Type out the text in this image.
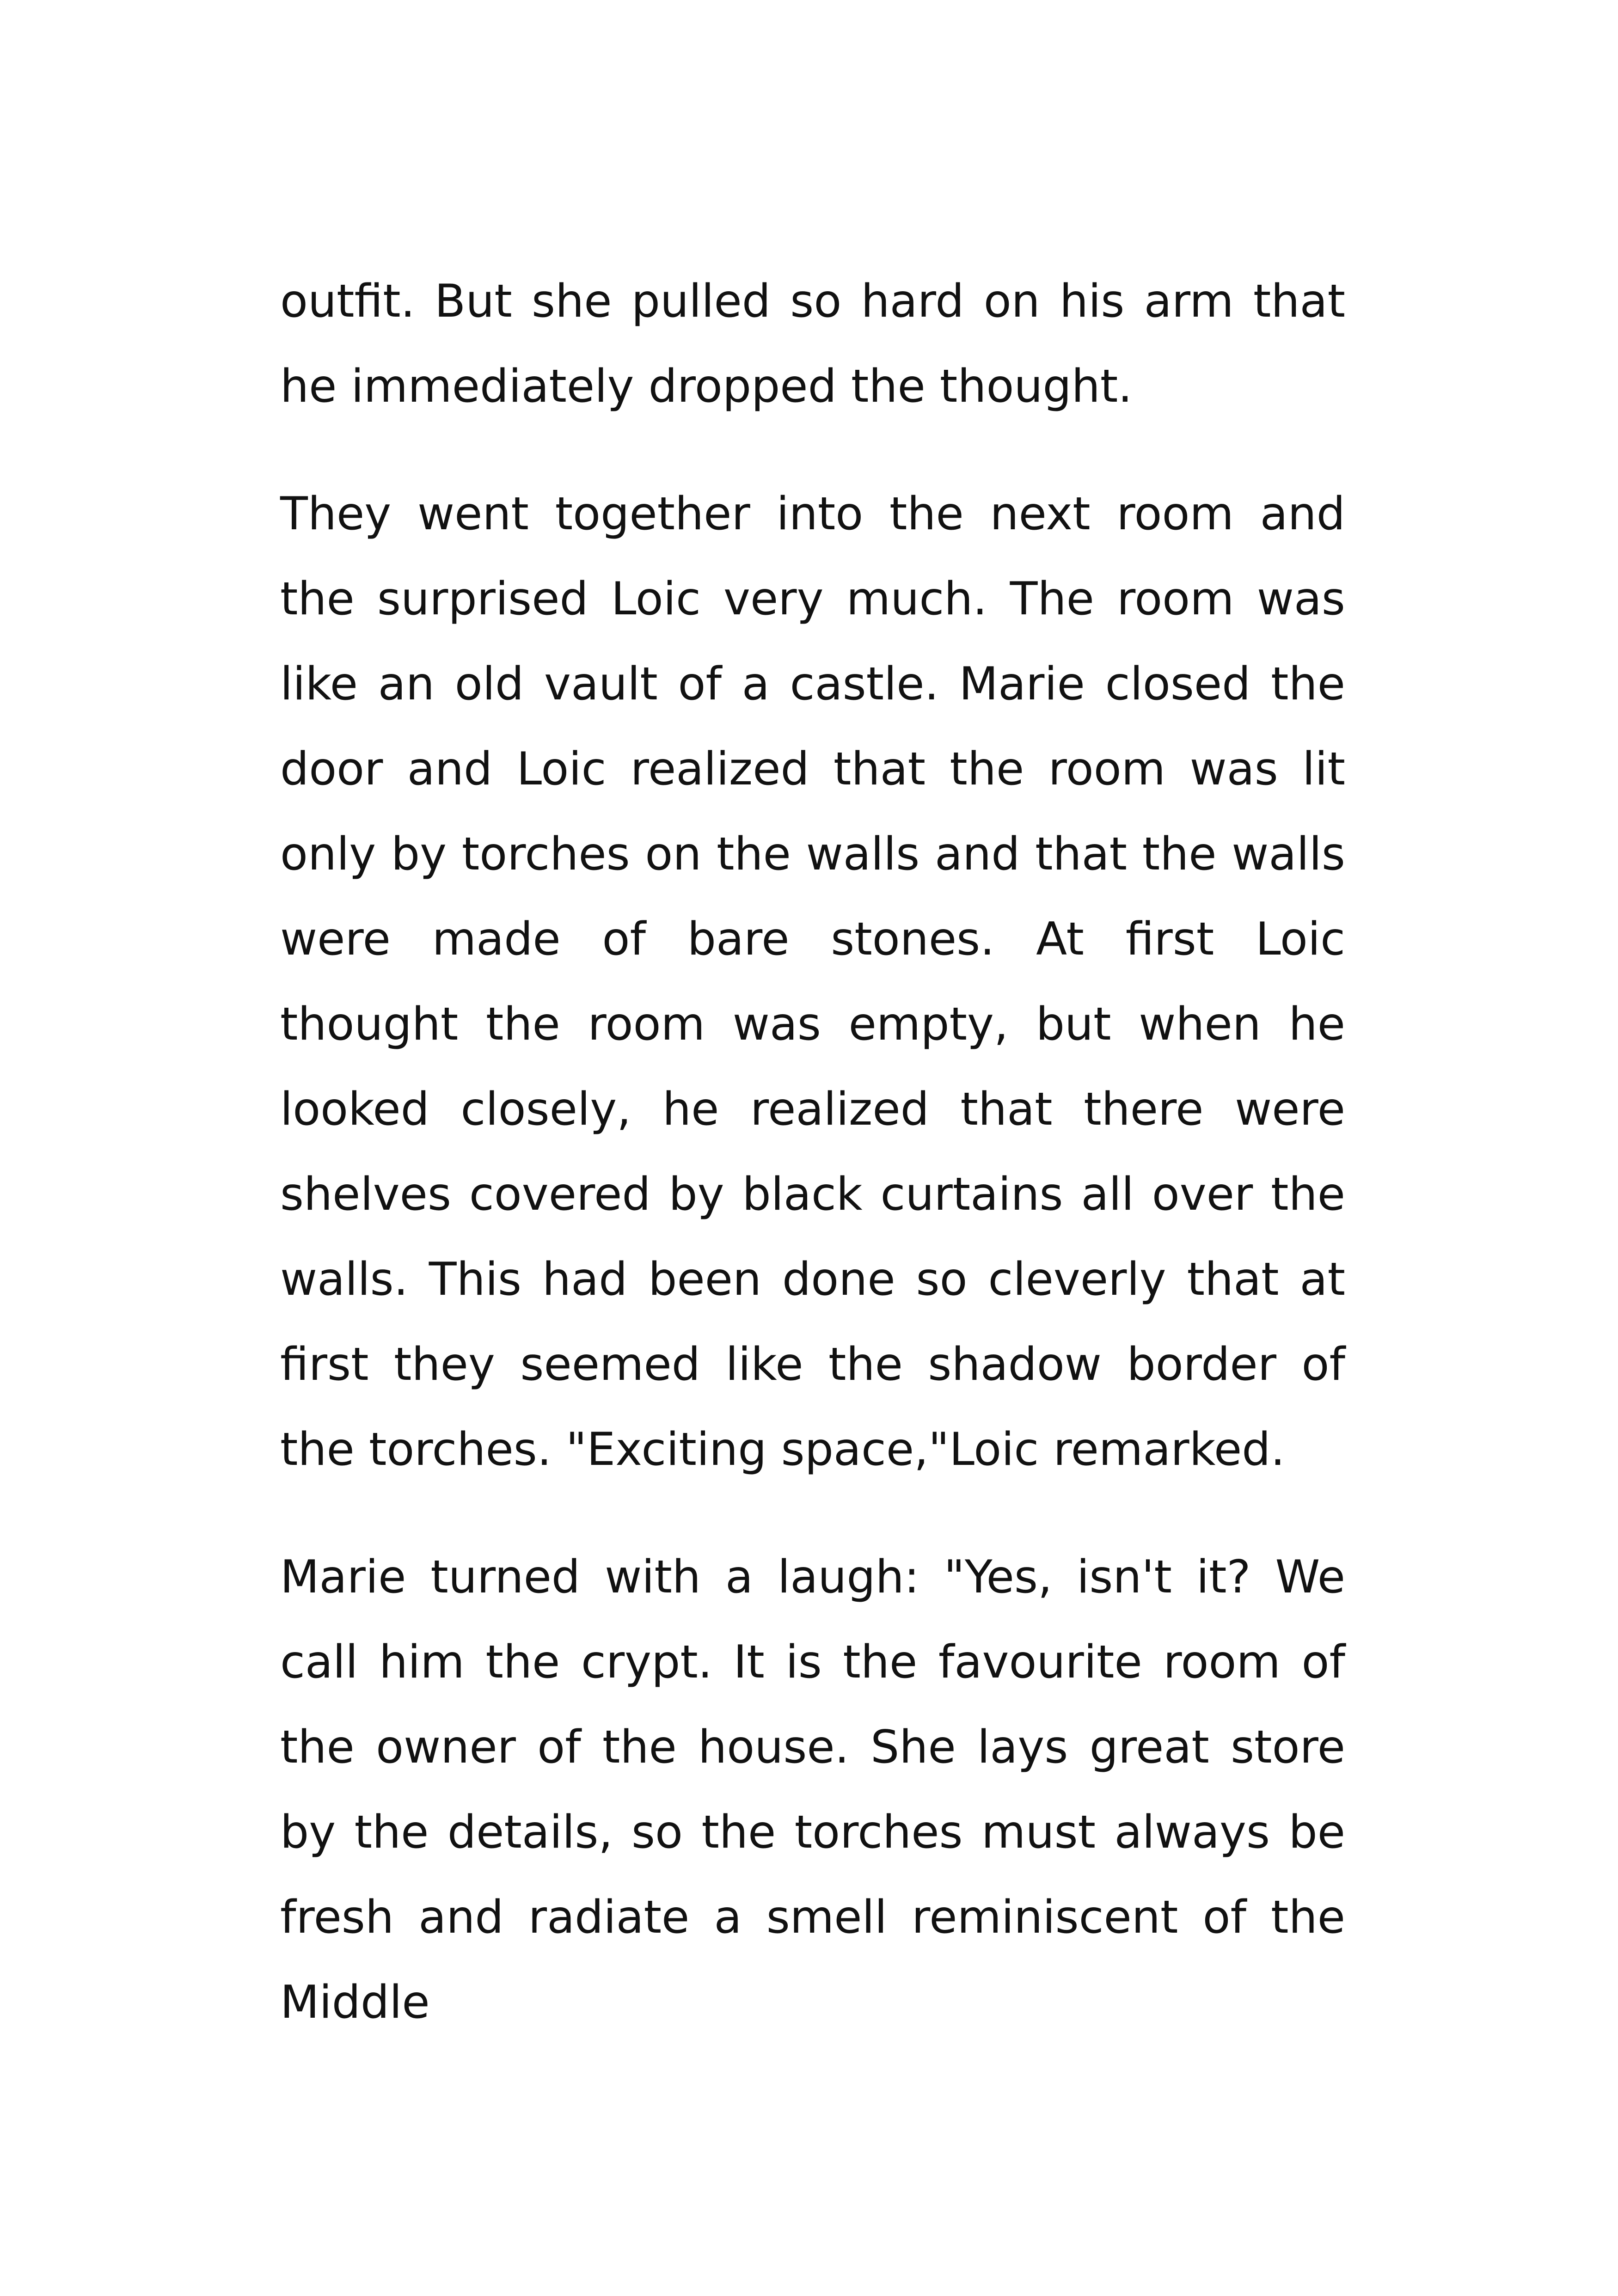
outfit. But she pulled so hard on his arm that he immediately dropped the thought.

They went together into the next room and the surprised Loic very much. The room was like an old vault of a castle. Marie closed the door and Loic realized that the room was lit only by torches on the walls and that the walls were made of bare stones. At first Loic thought the room was empty, but when he looked closely, he realized that there were shelves covered by black curtains all over the walls. This had been done so cleverly that at first they seemed like the shadow border of the torches. "Exciting space,"Loic remarked.

Marie turned with a laugh: "Yes, isn't it? We call him the crypt. It is the favourite room of the owner of the house. She lays great store by the details, so the torches must always be fresh and radiate a smell reminiscent of the Middle
